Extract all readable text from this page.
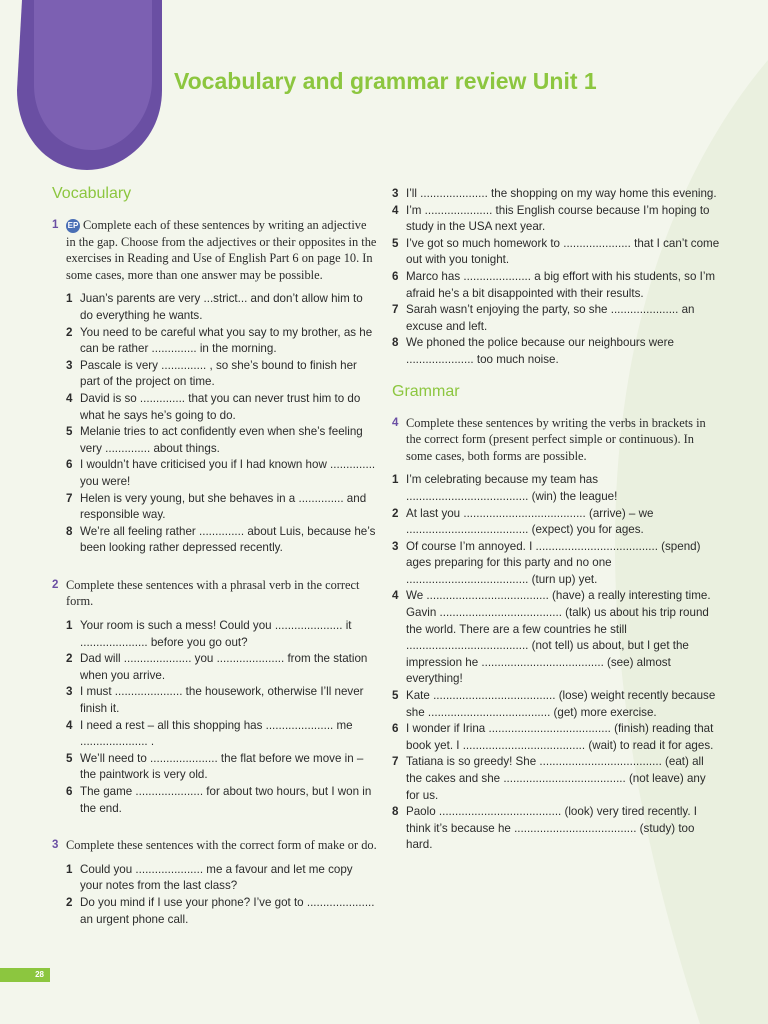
Vocabulary and grammar review Unit 1
Vocabulary

1 EP Complete each of these sentences by writing an adjective in the gap. Choose from the adjectives or their opposites in the exercises in Reading and Use of English Part 6 on page 10. In some cases, more than one answer may be possible.

1 Juan’s parents are very ...strict... and don’t allow him to do everything he wants.
2 You need to be careful what you say to my brother, as he can be rather .............. in the morning.
3 Pascale is very .............. , so she’s bound to finish her part of the project on time.
4 David is so .............. that you can never trust him to do what he says he’s going to do.
5 Melanie tries to act confidently even when she’s feeling very .............. about things.
6 I wouldn’t have criticised you if I had known how .............. you were!
7 Helen is very young, but she behaves in a .............. and responsible way.
8 We’re all feeling rather .............. about Luis, because he’s been looking rather depressed recently.

2 Complete these sentences with a phrasal verb in the correct form.

1 Your room is such a mess! Could you ..................... it ..................... before you go out?
2 Dad will ..................... you ..................... from the station when you arrive.
3 I must ..................... the housework, otherwise I’ll never finish it.
4 I need a rest – all this shopping has ..................... me ..................... .
5 We’ll need to ..................... the flat before we move in – the paintwork is very old.
6 The game ..................... for about two hours, but I won in the end.

3 Complete these sentences with the correct form of make or do.

1 Could you ..................... me a favour and let me copy your notes from the last class?
2 Do you mind if I use your phone? I’ve got to ..................... an urgent phone call.
3 I’ll ..................... the shopping on my way home this evening.
4 I’m ..................... this English course because I’m hoping to study in the USA next year.
5 I’ve got so much homework to ..................... that I can’t come out with you tonight.
6 Marco has ..................... a big effort with his students, so I’m afraid he’s a bit disappointed with their results.
7 Sarah wasn’t enjoying the party, so she ..................... an excuse and left.
8 We phoned the police because our neighbours were ..................... too much noise.
Grammar

4 Complete these sentences by writing the verbs in brackets in the correct form (present perfect simple or continuous). In some cases, both forms are possible.

1 I’m celebrating because my team has ...................................... (win) the league!
2 At last you ...................................... (arrive) – we ...................................... (expect) you for ages.
3 Of course I’m annoyed. I ...................................... (spend) ages preparing for this party and no one ...................................... (turn up) yet.
4 We ...................................... (have) a really interesting time. Gavin ...................................... (talk) us about his trip round the world. There are a few countries he still ...................................... (not tell) us about, but I get the impression he ...................................... (see) almost everything!
5 Kate ...................................... (lose) weight recently because she ...................................... (get) more exercise.
6 I wonder if Irina ...................................... (finish) reading that book yet. I ...................................... (wait) to read it for ages.
7 Tatiana is so greedy! She ...................................... (eat) all the cakes and she ...................................... (not leave) any for us.
8 Paolo ...................................... (look) very tired recently. I think it’s because he ...................................... (study) too hard.
28
